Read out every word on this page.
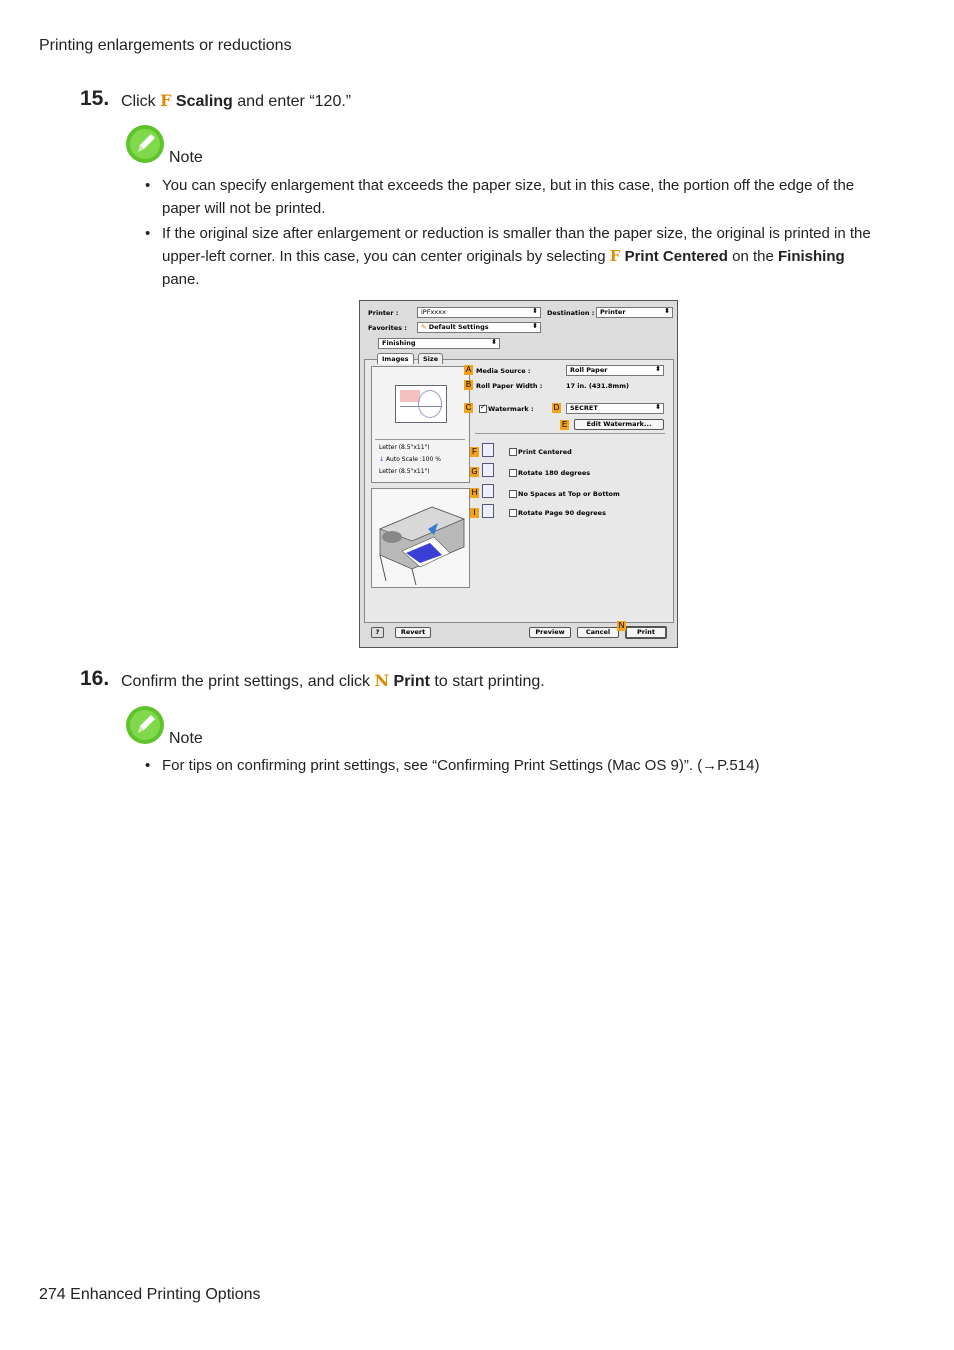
Printing enlargements or reductions
15. Click F Scaling and enter “120.”
Note
• You can specify enlargement that exceeds the paper size, but in this case, the portion off the edge of the paper will not be printed.
• If the original size after enlargement or reduction is smaller than the paper size, the original is printed in the upper-left corner. In this case, you can center originals by selecting F Print Centered on the Finishing pane.
Printer :	iPFxxxx ⬍	Destination : Printer ⬍
Favorites :	✎ Default Settings ⬍
Finishing ⬍
Images	Size
Letter (8.5"x11")
↓ Auto Scale :100 %
Letter (8.5"x11")
Media Source :	Roll Paper ⬍
Roll Paper Width :	17 in. (431.8mm)
✓ Watermark :	SECRET ⬍
Edit Watermark...
Print Centered
Rotate 180 degrees
No Spaces at Top or Bottom
Rotate Page 90 degrees
?	Revert	Preview	Cancel	Print
A
B
C	D
E
F
G
H
I
N
16. Confirm the print settings, and click N Print to start printing.
Note
• For tips on confirming print settings, see “Confirming Print Settings (Mac OS 9)”. (→P.514)
274 Enhanced Printing Options
